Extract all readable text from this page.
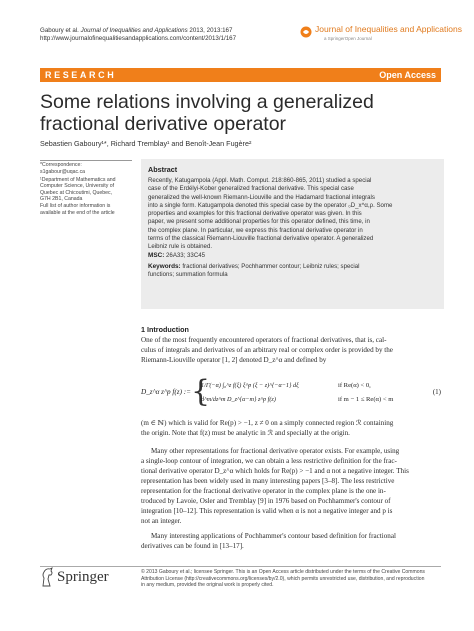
Gaboury et al. Journal of Inequalities and Applications 2013, 2013:167
http://www.journalofinequalitiesandapplications.com/content/2013/1/167
Journal of Inequalities and Applications
a SpringerOpen Journal
RESEARCH	Open Access
Some relations involving a generalized
fractional derivative operator
Sebastien Gaboury¹*, Richard Tremblay¹ and Benoît-Jean Fugère²

*Correspondence:

s1gabour@uqac.ca

¹Department of Mathematics and

Computer Science, University of

Quebec at Chicoutimi, Quebec,

G7H 2B1, Canada

Full list of author information is

available at the end of the article

Abstract
Recently, Katugampola (Appl. Math. Comput. 218:860-865, 2011) studied a special
case of the Erdélyi-Kober generalized fractional derivative. This special case
generalized the well-known Riemann-Liouville and the Hadamard fractional integrals
into a single form. Katugampola denoted this special case by the operator ₀D_x^α,ρ. Some
properties and examples for this fractional derivative operator was given. In this
paper, we present some additional properties for this operator defined, this time, in
the complex plane. In particular, we express this fractional derivative operator in
terms of the classical Riemann-Liouville fractional derivative operator. A generalized
Leibniz rule is obtained.
MSC: 26A33; 33C45
Keywords: fractional derivatives; Pochhammer contour; Leibniz rules; special
functions; summation formula
1 Introduction
One of the most frequently encountered operators of fractional derivatives, that is, cal-
culus of integrals and derivatives of an arbitrary real or complex order is provided by the
Riemann-Liouville operator [1, 2] denoted D_z^α and defined by
D_z^α z^p f(z) := {
1/Γ(−α) ∫₀^z f(ξ) ξ^p (ξ − z)^{−α−1} dξ	if Re(α) < 0,
d^m/dz^m D_z^{α−m} z^p f(z)	if m − 1 ≤ Re(α) < m
(1)
(m ∈ ℕ) which is valid for Re(p) > −1, z ≠ 0 on a simply connected region ℛ containing
the origin. Note that f(z) must be analytic in ℛ and specially at the origin.
Many other representations for fractional derivative operator exists. For example, using
a single-loop contour of integration, we can obtain a less restrictive definition for the frac-
tional derivative operator D_z^α which holds for Re(p) > −1 and α not a negative integer. This
representation has been widely used in many interesting papers [3–8]. The less restrictive
representation for the fractional derivative operator in the complex plane is the one in-
troduced by Lavoie, Osler and Tremblay [9] in 1976 based on Pochhammer's contour of
integration [10–12]. This representation is valid when α is not a negative integer and p is
not an integer.
Many interesting applications of Pochhammer's contour based definition for fractional
derivatives can be found in [13–17].
Springer	© 2013 Gaboury et al.; licensee Springer. This is an Open Access article distributed under the terms of the Creative Commons
Attribution License (http://creativecommons.org/licenses/by/2.0), which permits unrestricted use, distribution, and reproduction
in any medium, provided the original work is properly cited.
